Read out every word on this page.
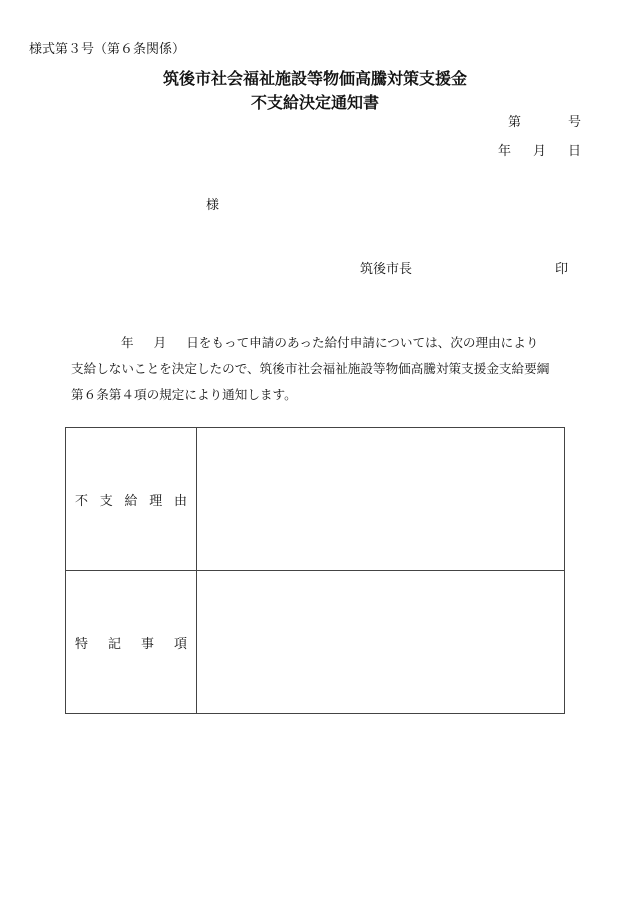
様式第３号（第６条関係）
筑後市社会福祉施設等物価高騰対策支援金
不支給決定通知書
第	号
年 月 日
様
筑後市長	印
年 月 日をもって申請のあった給付申請については、次の理由により
支給しないことを決定したので、筑後市社会福祉施設等物価高騰対策支援金支給要綱
第６条第４項の規定により通知します。
不 支 給 理 由	

特 記 事 項	
